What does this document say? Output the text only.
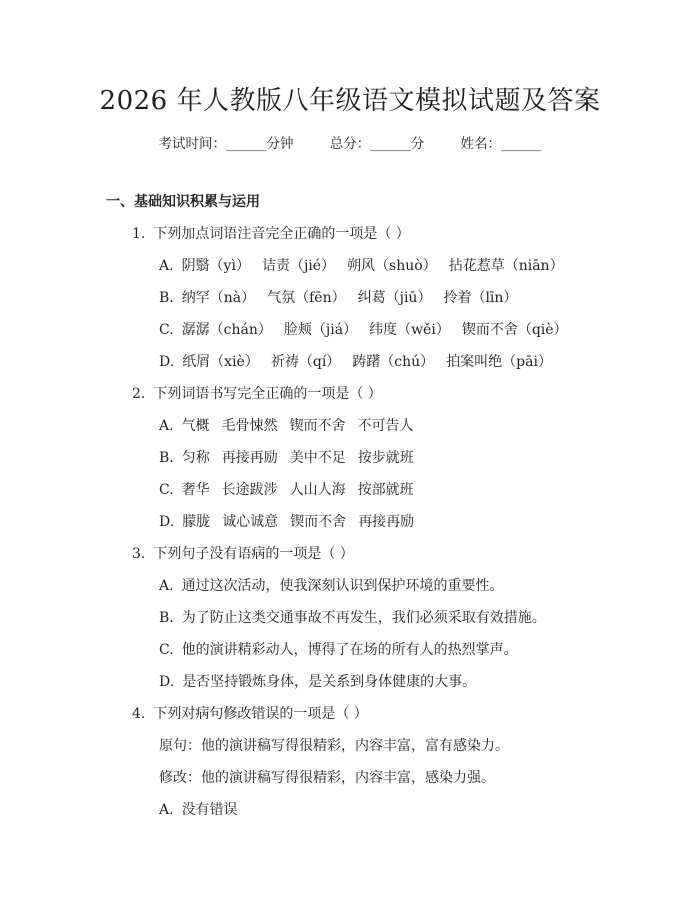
2026 年人教版八年级语文模拟试题及答案
考试时间：______分钟	总分：______分	姓名：______
一、基础知识积累与运用
1. 下列加点词语注音完全正确的一项是（ ）
A. 阴翳（yì） 诘责（jié） 朔风（shuò） 拈花惹草（niān）
B. 纳罕（nà） 气氛（fēn） 纠葛（jiū） 拎着（līn）
C. 潺潺（chán） 脸颊（jiá） 纬度（wěi） 锲而不舍（qiè）
D. 纸屑（xiè） 祈祷（qí） 踌躇（chú） 拍案叫绝（pāi）
2. 下列词语书写完全正确的一项是（ ）
A. 气概 毛骨悚然 锲而不舍 不可告人
B. 匀称 再接再励 美中不足 按步就班
C. 奢华 长途跋涉 人山人海 按部就班
D. 朦胧 诚心诚意 锲而不舍 再接再励
3. 下列句子没有语病的一项是（ ）
A. 通过这次活动，使我深刻认识到保护环境的重要性。
B. 为了防止这类交通事故不再发生，我们必须采取有效措施。
C. 他的演讲精彩动人，博得了在场的所有人的热烈掌声。
D. 是否坚持锻炼身体，是关系到身体健康的大事。
4. 下列对病句修改错误的一项是（ ）
原句：他的演讲稿写得很精彩，内容丰富，富有感染力。
修改：他的演讲稿写得很精彩，内容丰富，感染力强。
A. 没有错误
